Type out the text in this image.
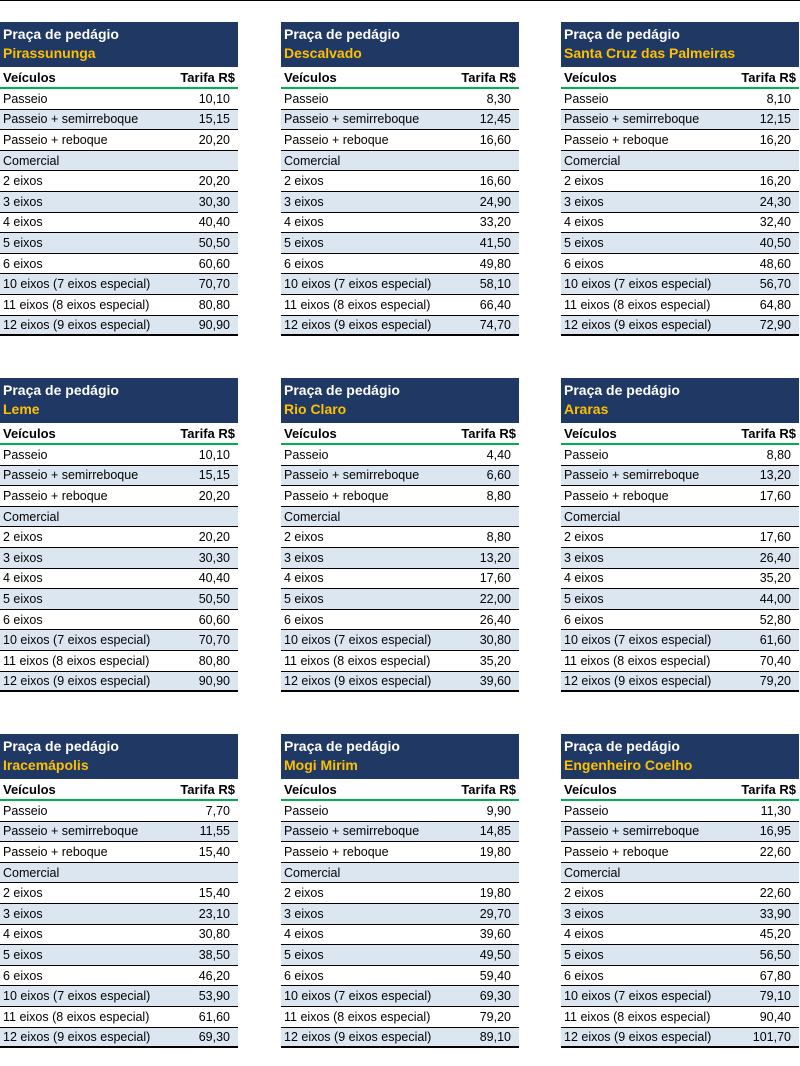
Praça de pedágio
Pirassununga
Veículos	Tarifa R$
Passeio	10,10
Passeio + semirreboque	15,15
Passeio + reboque	20,20
Comercial
2 eixos	20,20
3 eixos	30,30
4 eixos	40,40
5 eixos	50,50
6 eixos	60,60
10 eixos (7 eixos especial)	70,70
11 eixos (8 eixos especial)	80,80
12 eixos (9 eixos especial)	90,90
Praça de pedágio
Descalvado
Veículos	Tarifa R$
Passeio	8,30
Passeio + semirreboque	12,45
Passeio + reboque	16,60
Comercial
2 eixos	16,60
3 eixos	24,90
4 eixos	33,20
5 eixos	41,50
6 eixos	49,80
10 eixos (7 eixos especial)	58,10
11 eixos (8 eixos especial)	66,40
12 eixos (9 eixos especial)	74,70
Praça de pedágio
Santa Cruz das Palmeiras
Veículos	Tarifa R$
Passeio	8,10
Passeio + semirreboque	12,15
Passeio + reboque	16,20
Comercial
2 eixos	16,20
3 eixos	24,30
4 eixos	32,40
5 eixos	40,50
6 eixos	48,60
10 eixos (7 eixos especial)	56,70
11 eixos (8 eixos especial)	64,80
12 eixos (9 eixos especial)	72,90
Praça de pedágio
Leme
Veículos	Tarifa R$
Passeio	10,10
Passeio + semirreboque	15,15
Passeio + reboque	20,20
Comercial
2 eixos	20,20
3 eixos	30,30
4 eixos	40,40
5 eixos	50,50
6 eixos	60,60
10 eixos (7 eixos especial)	70,70
11 eixos (8 eixos especial)	80,80
12 eixos (9 eixos especial)	90,90
Praça de pedágio
Rio Claro
Veículos	Tarifa R$
Passeio	4,40
Passeio + semirreboque	6,60
Passeio + reboque	8,80
Comercial
2 eixos	8,80
3 eixos	13,20
4 eixos	17,60
5 eixos	22,00
6 eixos	26,40
10 eixos (7 eixos especial)	30,80
11 eixos (8 eixos especial)	35,20
12 eixos (9 eixos especial)	39,60
Praça de pedágio
Araras
Veículos	Tarifa R$
Passeio	8,80
Passeio + semirreboque	13,20
Passeio + reboque	17,60
Comercial
2 eixos	17,60
3 eixos	26,40
4 eixos	35,20
5 eixos	44,00
6 eixos	52,80
10 eixos (7 eixos especial)	61,60
11 eixos (8 eixos especial)	70,40
12 eixos (9 eixos especial)	79,20
Praça de pedágio
Iracemápolis
Veículos	Tarifa R$
Passeio	7,70
Passeio + semirreboque	11,55
Passeio + reboque	15,40
Comercial
2 eixos	15,40
3 eixos	23,10
4 eixos	30,80
5 eixos	38,50
6 eixos	46,20
10 eixos (7 eixos especial)	53,90
11 eixos (8 eixos especial)	61,60
12 eixos (9 eixos especial)	69,30
Praça de pedágio
Mogi Mirim
Veículos	Tarifa R$
Passeio	9,90
Passeio + semirreboque	14,85
Passeio + reboque	19,80
Comercial
2 eixos	19,80
3 eixos	29,70
4 eixos	39,60
5 eixos	49,50
6 eixos	59,40
10 eixos (7 eixos especial)	69,30
11 eixos (8 eixos especial)	79,20
12 eixos (9 eixos especial)	89,10
Praça de pedágio
Engenheiro Coelho
Veículos	Tarifa R$
Passeio	11,30
Passeio + semirreboque	16,95
Passeio + reboque	22,60
Comercial
2 eixos	22,60
3 eixos	33,90
4 eixos	45,20
5 eixos	56,50
6 eixos	67,80
10 eixos (7 eixos especial)	79,10
11 eixos (8 eixos especial)	90,40
12 eixos (9 eixos especial)	101,70
